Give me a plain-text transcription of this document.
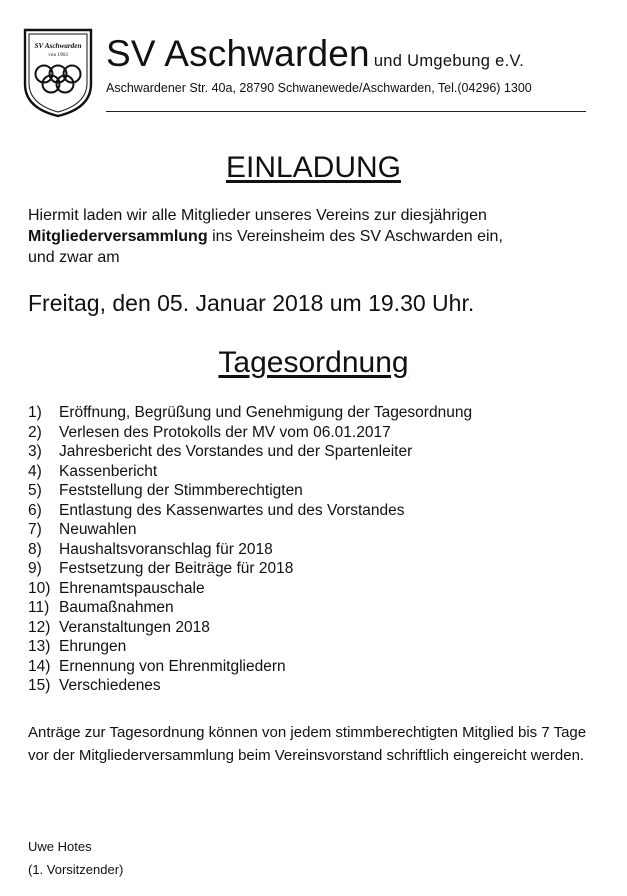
SV Aschwarden
von 1963 SV Aschwarden und Umgebung e.V.
Aschwardener Str. 40a, 28790 Schwanewede/Aschwarden, Tel.(04296) 1300
EINLADUNG
Hiermit laden wir alle Mitglieder unseres Vereins zur diesjährigen Mitgliederversammlung ins Vereinsheim des SV Aschwarden ein,
und zwar am
Freitag, den 05. Januar 2018 um 19.30 Uhr.
Tagesordnung
1) Eröffnung, Begrüßung und Genehmigung der Tagesordnung
2) Verlesen des Protokolls der MV vom 06.01.2017
3) Jahresbericht des Vorstandes und der Spartenleiter
4) Kassenbericht
5) Feststellung der Stimmberechtigten
6) Entlastung des Kassenwartes und des Vorstandes
7) Neuwahlen
8) Haushaltsvoranschlag für 2018
9) Festsetzung der Beiträge für 2018
10) Ehrenamtspauschale
11) Baumaßnahmen
12) Veranstaltungen 2018
13) Ehrungen
14) Ernennung von Ehrenmitgliedern
15) Verschiedenes
Anträge zur Tagesordnung können von jedem stimmberechtigten Mitglied bis 7 Tage vor der Mitgliederversammlung beim Vereinsvorstand schriftlich eingereicht werden.
Uwe Hotes
(1. Vorsitzender)
